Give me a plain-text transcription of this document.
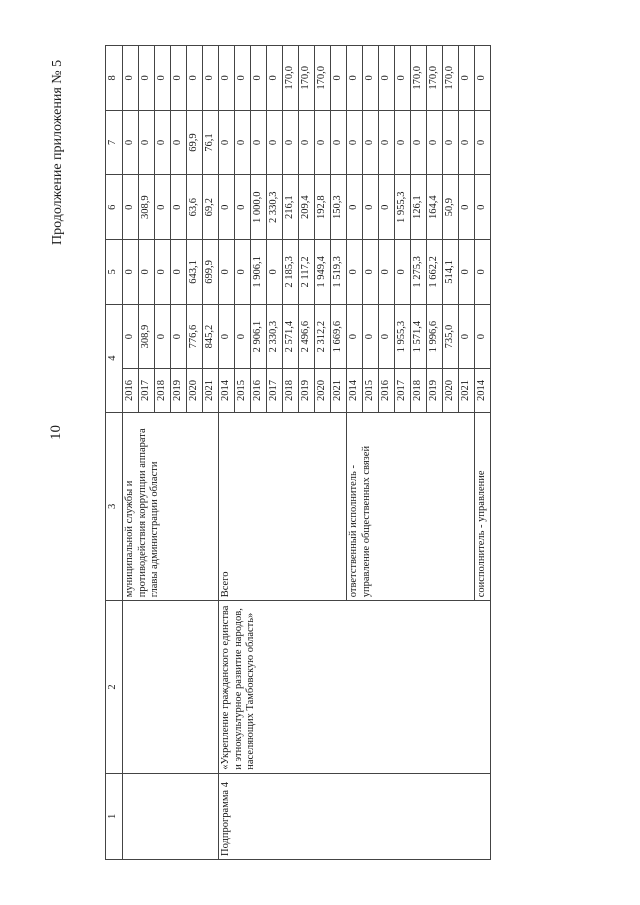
10
Продолжение приложения № 5
1	2	3	4		5	6	7	8
		муниципальной службы и противодействия коррупции аппарата главы администрации области	2016	0	0	0	0	0
			2017	308,9	0	308,9	0	0
			2018	0	0	0	0	0
			2019	0	0	0	0	0
			2020	776,6	643,1	63,6	69,9	0
			2021	845,2	699,9	69,2	76,1	0
Подпрограмма 4	«Укрепление гражданского единства и этнокультурное развитие народов, населяющих Тамбовскую область»	Всего	2014	0	0	0	0	0
			2015	0	0	0	0	0
			2016	2 906,1	1 906,1	1 000,0	0	0
			2017	2 330,3	0	2 330,3	0	0
			2018	2 571,4	2 185,3	216,1	0	170,0
			2019	2 496,6	2 117,2	209,4	0	170,0
			2020	2 312,2	1 949,4	192,8	0	170,0
			2021	1 669,6	1 519,3	150,3	0	0
		ответственный исполнитель - управление общественных связей	2014	0	0	0	0	0
			2015	0	0	0	0	0
			2016	0	0	0	0	0
			2017	1 955,3	0	1 955,3	0	0
			2018	1 571,4	1 275,3	126,1	0	170,0
			2019	1 996,6	1 662,2	164,4	0	170,0
			2020	735,0	514,1	50,9	0	170,0
			2021	0	0	0	0	0
		соисполнитель - управление	2014	0	0	0	0	0
